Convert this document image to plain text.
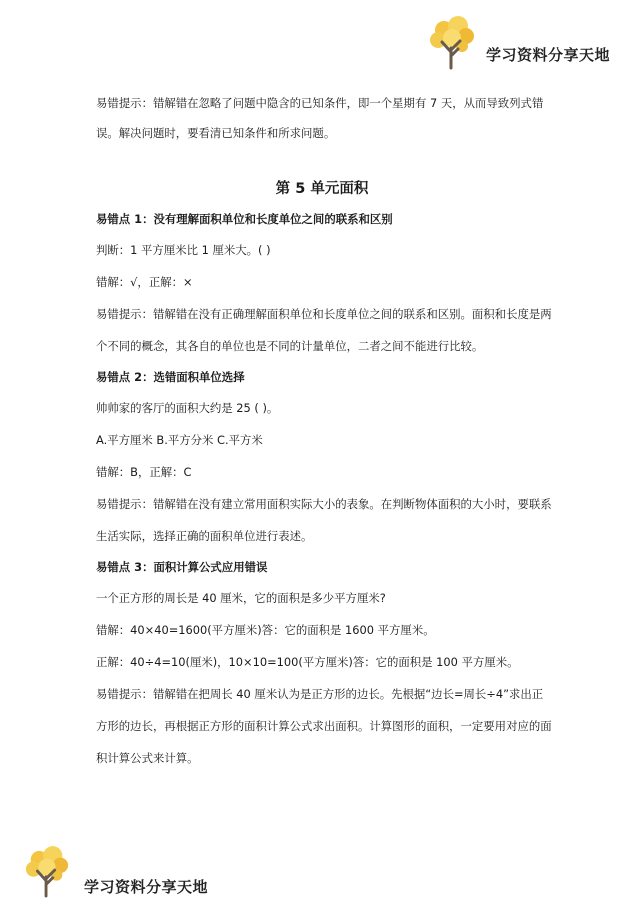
学习资料分享天地
易错提示：错解错在忽略了问题中隐含的已知条件，即一个星期有 7 天，从而导致列式错
误。解决问题时，要看清已知条件和所求问题。
第 5 单元面积
易错点 1：没有理解面积单位和长度单位之间的联系和区别
判断：1 平方厘米比 1 厘米大。( )
错解：√，正解：×
易错提示：错解错在没有正确理解面积单位和长度单位之间的联系和区别。面积和长度是两
个不同的概念，其各自的单位也是不同的计量单位，二者之间不能进行比较。
易错点 2：选错面积单位选择
帅帅家的客厅的面积大约是 25 ( )。
A.平方厘米 B.平方分米 C.平方米
错解：B，正解：C
易错提示：错解错在没有建立常用面积实际大小的表象。在判断物体面积的大小时，要联系
生活实际，选择正确的面积单位进行表述。
易错点 3：面积计算公式应用错误
一个正方形的周长是 40 厘米，它的面积是多少平方厘米?
错解：40×40=1600(平方厘米)答：它的面积是 1600 平方厘米。
正解：40÷4=10(厘米)，10×10=100(平方厘米)答：它的面积是 100 平方厘米。
易错提示：错解错在把周长 40 厘米认为是正方形的边长。先根据“边长=周长÷4”求出正
方形的边长，再根据正方形的面积计算公式求出面积。计算图形的面积，一定要用对应的面
积计算公式来计算。
学习资料分享天地
